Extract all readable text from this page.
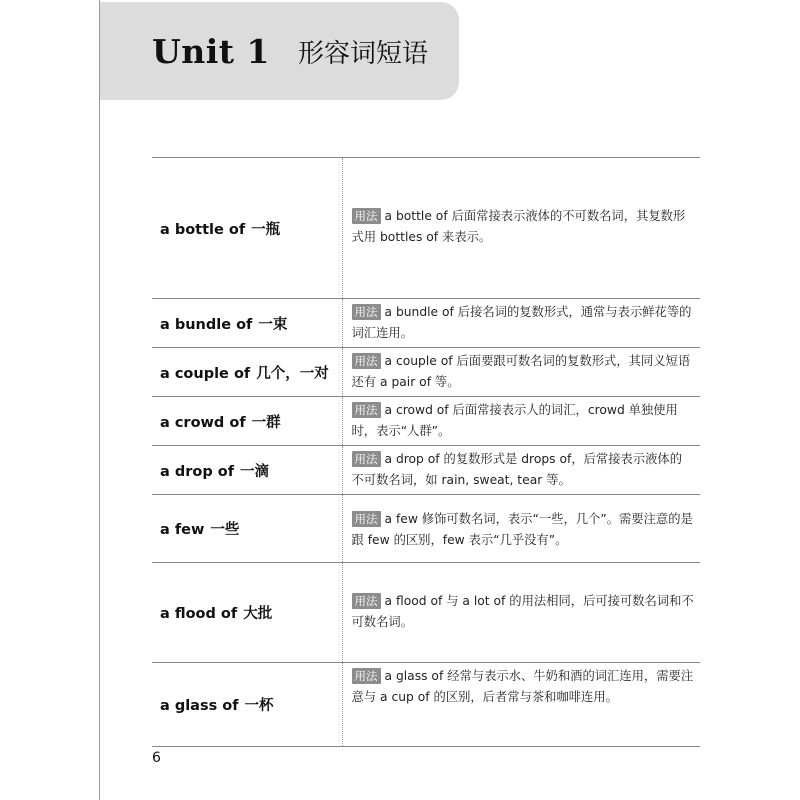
Unit 1 形容词短语
a bottle of 一瓶	用法 a bottle of 后面常接表示液体的不可数名词，其复数形式用 bottles of 来表示。
a bundle of 一束	用法 a bundle of 后接名词的复数形式，通常与表示鲜花等的词汇连用。
a couple of 几个，一对	用法 a couple of 后面要跟可数名词的复数形式，其同义短语还有 a pair of 等。
a crowd of 一群	用法 a crowd of 后面常接表示人的词汇，crowd 单独使用时，表示“人群”。
a drop of 一滴	用法 a drop of 的复数形式是 drops of，后常接表示液体的不可数名词，如 rain, sweat, tear 等。
a few 一些	用法 a few 修饰可数名词，表示“一些，几个”。需要注意的是跟 few 的区别，few 表示“几乎没有”。
a flood of 大批	用法 a flood of 与 a lot of 的用法相同，后可接可数名词和不可数名词。
a glass of 一杯	用法 a glass of 经常与表示水、牛奶和酒的词汇连用，需要注意与 a cup of 的区别，后者常与茶和咖啡连用。
6
